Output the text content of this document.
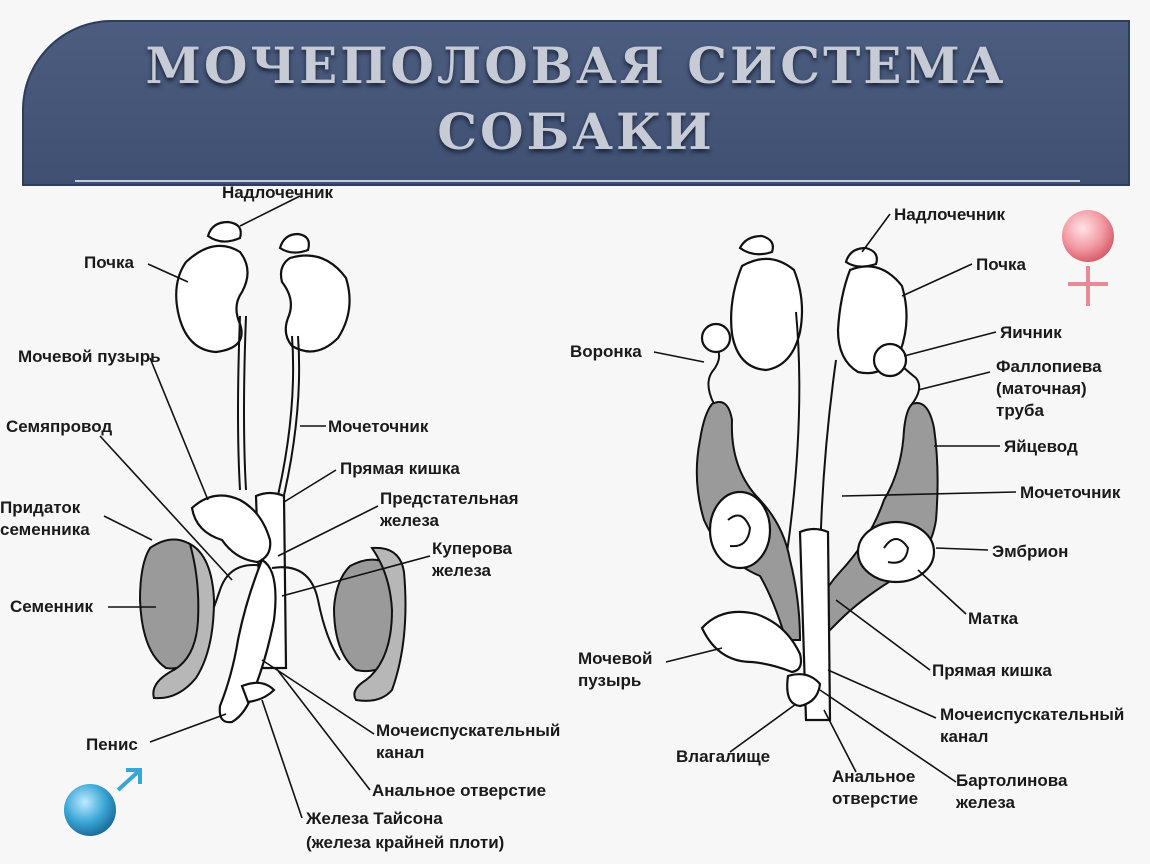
МОЧЕПОЛОВАЯ СИСТЕМА
СОБАКИ
Надлочечник
Почка
Мочевой пузырь
Семяпровод	Мочеточник
Прямая кишка
Придаток
семенника
Предстательная
железа
Куперова
железа
Семенник
Мочеиспускательный
канал
Пенис
Анальное отверстие
Железа Тайсона
(железа крайней плоти)
Надлочечник
Почка
Яичник
Воронка
Фаллопиева
(маточная)
труба
Яйцевод
Мочеточник
Эмбрион
Матка
Мочевой
пузырь
Прямая кишка
Мочеиспускательный
канал
Влагалище
Анальное
отверстие
Бартолинова
железа
